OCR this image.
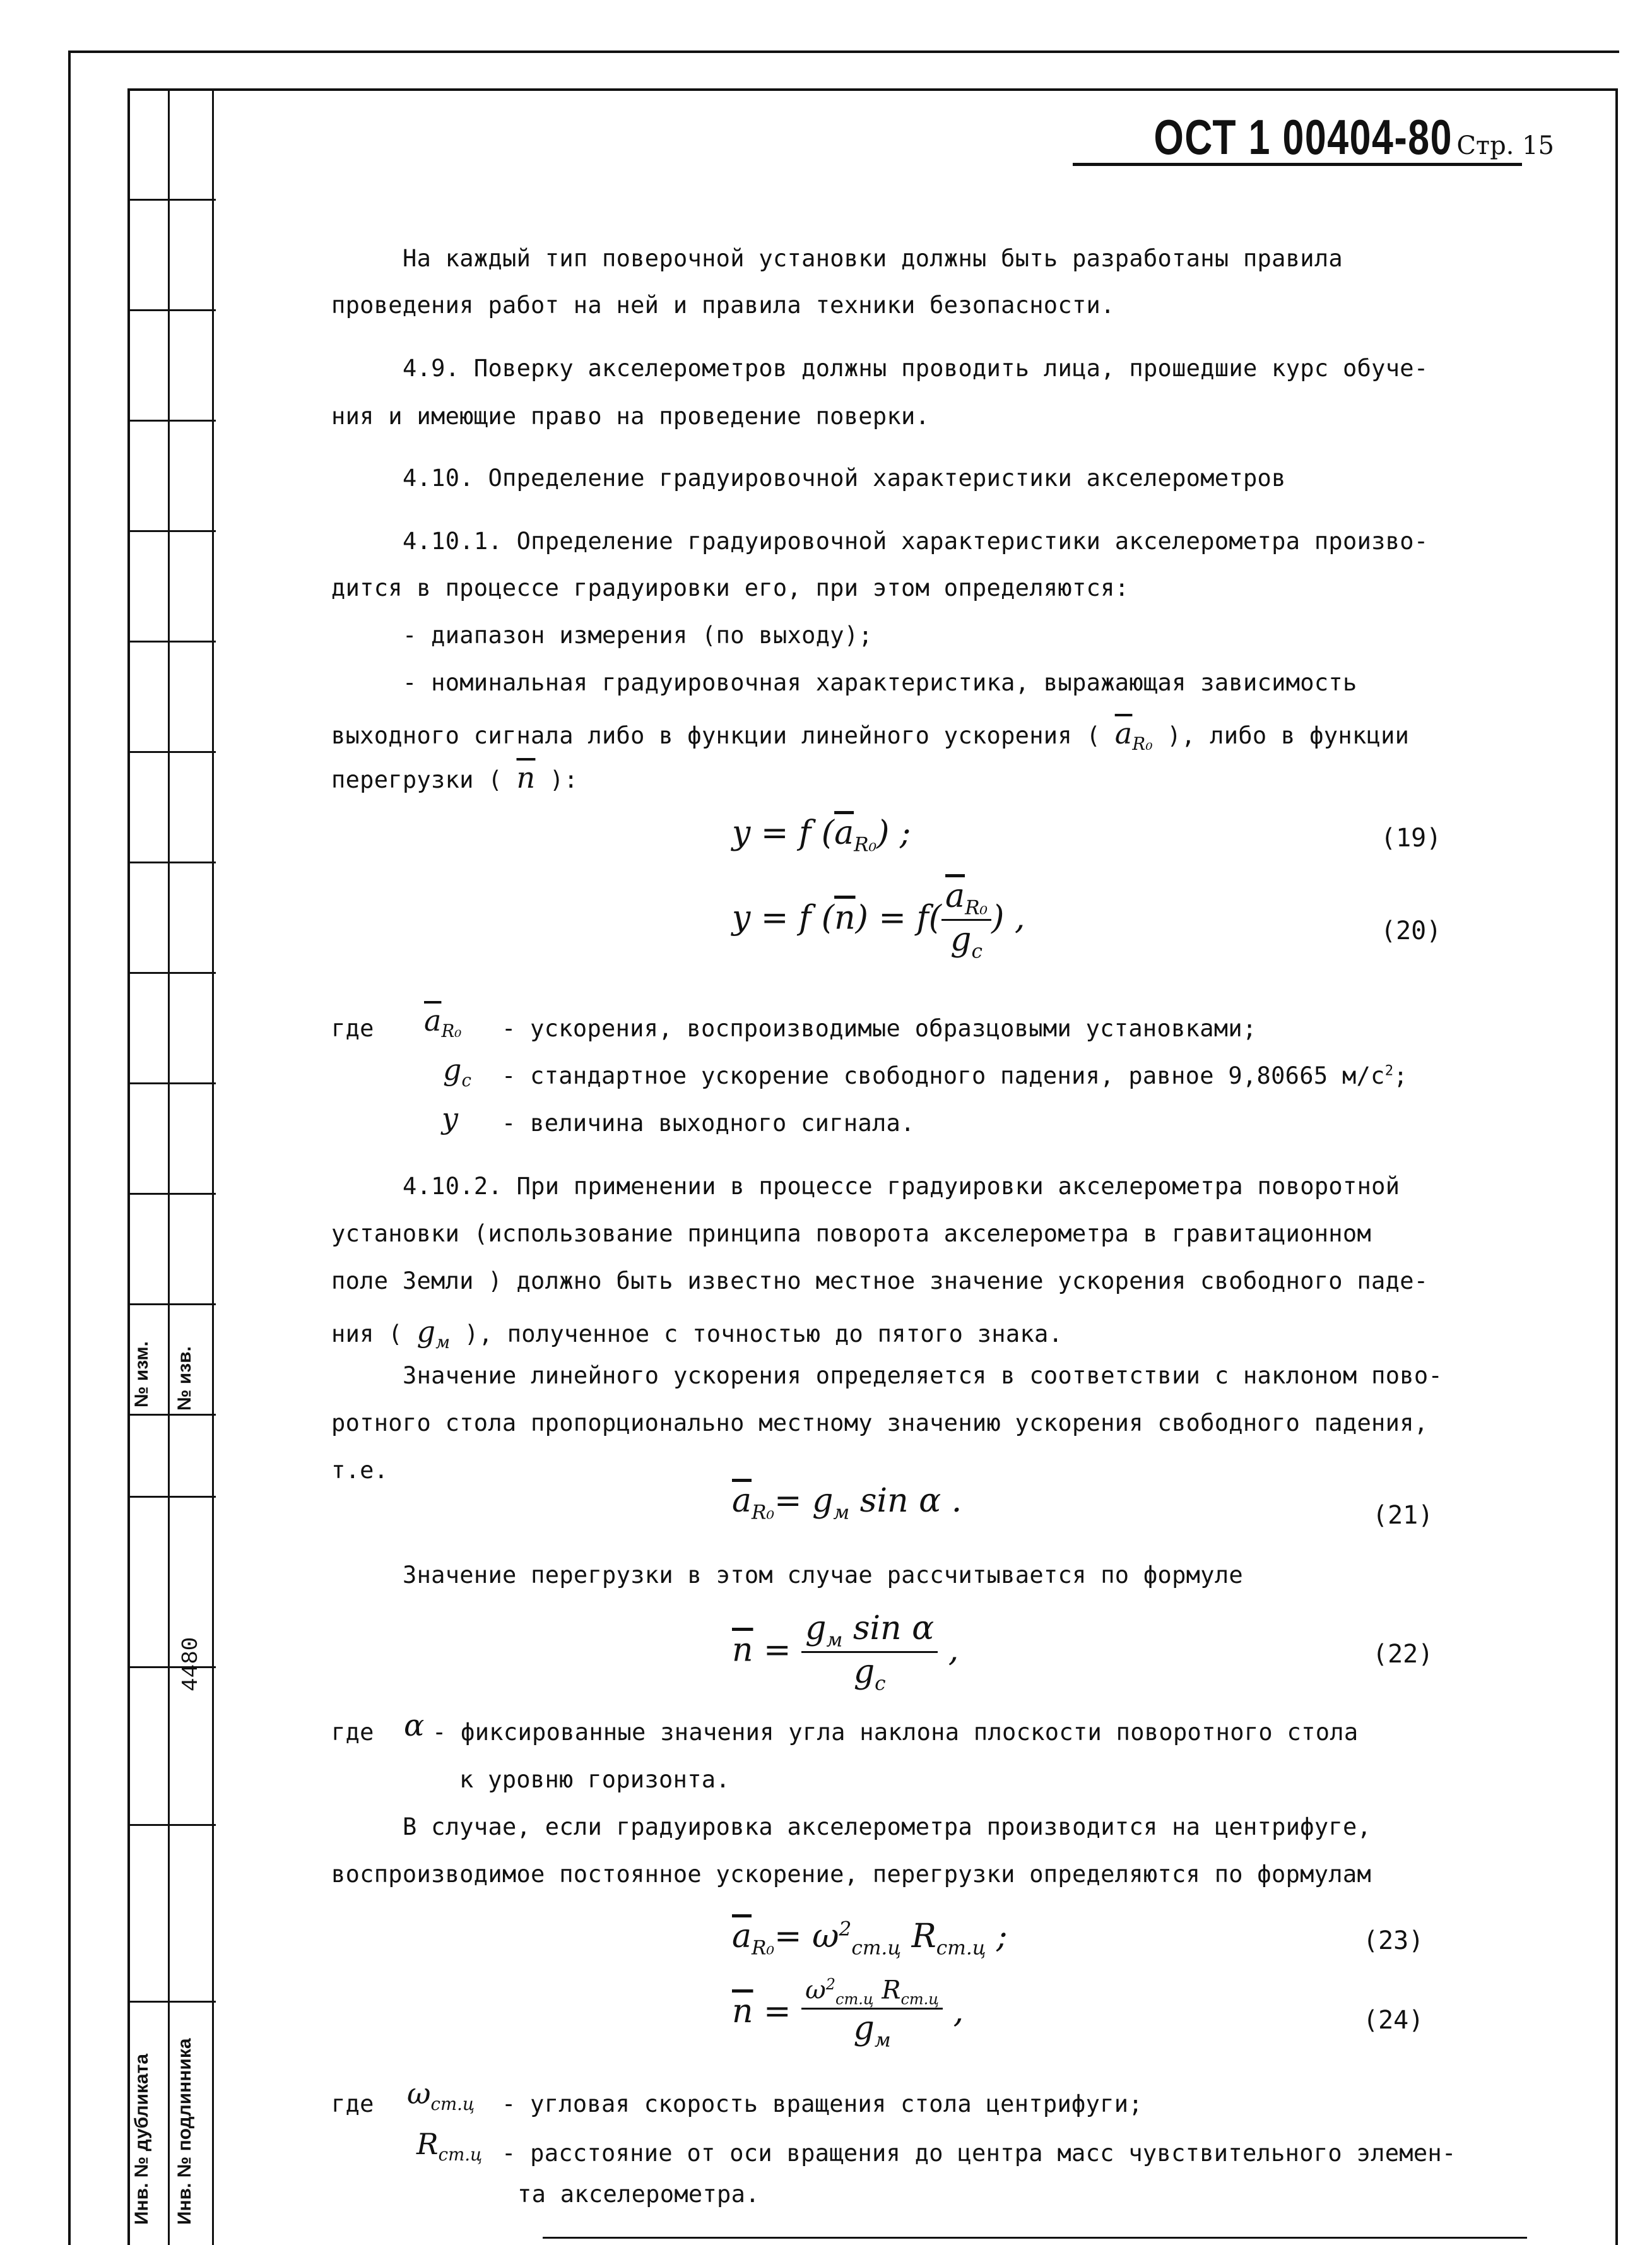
№ изм. № изв.
4480
Инв. № дубликата Инв. № подлинника
ОСТ 1 00404-80 Стр. 15
На каждый тип поверочной установки должны быть разработаны правила
проведения работ на ней и правила техники безопасности.
4.9. Поверку акселерометров должны проводить лица, прошедшие курс обуче-
ния и имеющие право на проведение поверки.
4.10. Определение градуировочной характеристики акселерометров
4.10.1. Определение градуировочной характеристики акселерометра произво-
дится в процессе градуировки его, при этом определяются:
- диапазон измерения (по выходу);
- номинальная градуировочная характеристика, выражающая зависимость
выходного сигнала либо в функции линейного ускорения ( $\overline{a}_{R_0}$ ), либо в функции
перегрузки ( $\overline{n}$ ):
y = f $(\overline{a}_{R_0})$ ;	(19)
y = f $(\overline{n}) = f( \frac{\overline{a}_{R_0}}{g_c}$ ) ,	(20)
где $\overline{a}_{R_0}$ - ускорения, воспроизводимые образцовыми установками;
$g_c$ - стандартное ускорение свободного падения, равное 9,80665 $м/с^2$;
y - величина выходного сигнала.
4.10.2. При применении в процессе градуировки акселерометра поворотной
установки (использование принципа поворота акселерометра в гравитационном
поле Земли ) должно быть известно местное значение ускорения свободного паде-
ния ( $g_м$ ), полученное с точностью до пятого знака.
Значение линейного ускорения определяется в соответствии с наклоном пово-
ротного стола пропорционально местному значению ускорения свободного падения,
т.е.
$\overline{a}_{R_0}= g_м$ sin α .	(21)
Значение перегрузки в этом случае рассчитывается по формуле
$\overline{n} = \frac{g_м \sin \alpha}{g_c}$ ,	(22)
где α - фиксированные значения угла наклона плоскости поворотного стола
к уровню горизонта.
В случае, если градуировка акселерометра производится на центрифуге,
воспроизводимое постоянное ускорение, перегрузки определяются по формулам
$\overline{a}_{R_0}= \omega^2_{ст.ц}$ $R_{ст.ц}$ ;	(23)
$\overline{n} = \frac{\omega^2_{ст.ц} R_{ст.ц}}{g_м}$ ,	(24)
где $\omega_{ст.ц}$ - угловая скорость вращения стола центрифуги;
$R_{ст.ц}$ - расстояние от оси вращения до центра масс чувствительного элемен-
та акселерометра.
